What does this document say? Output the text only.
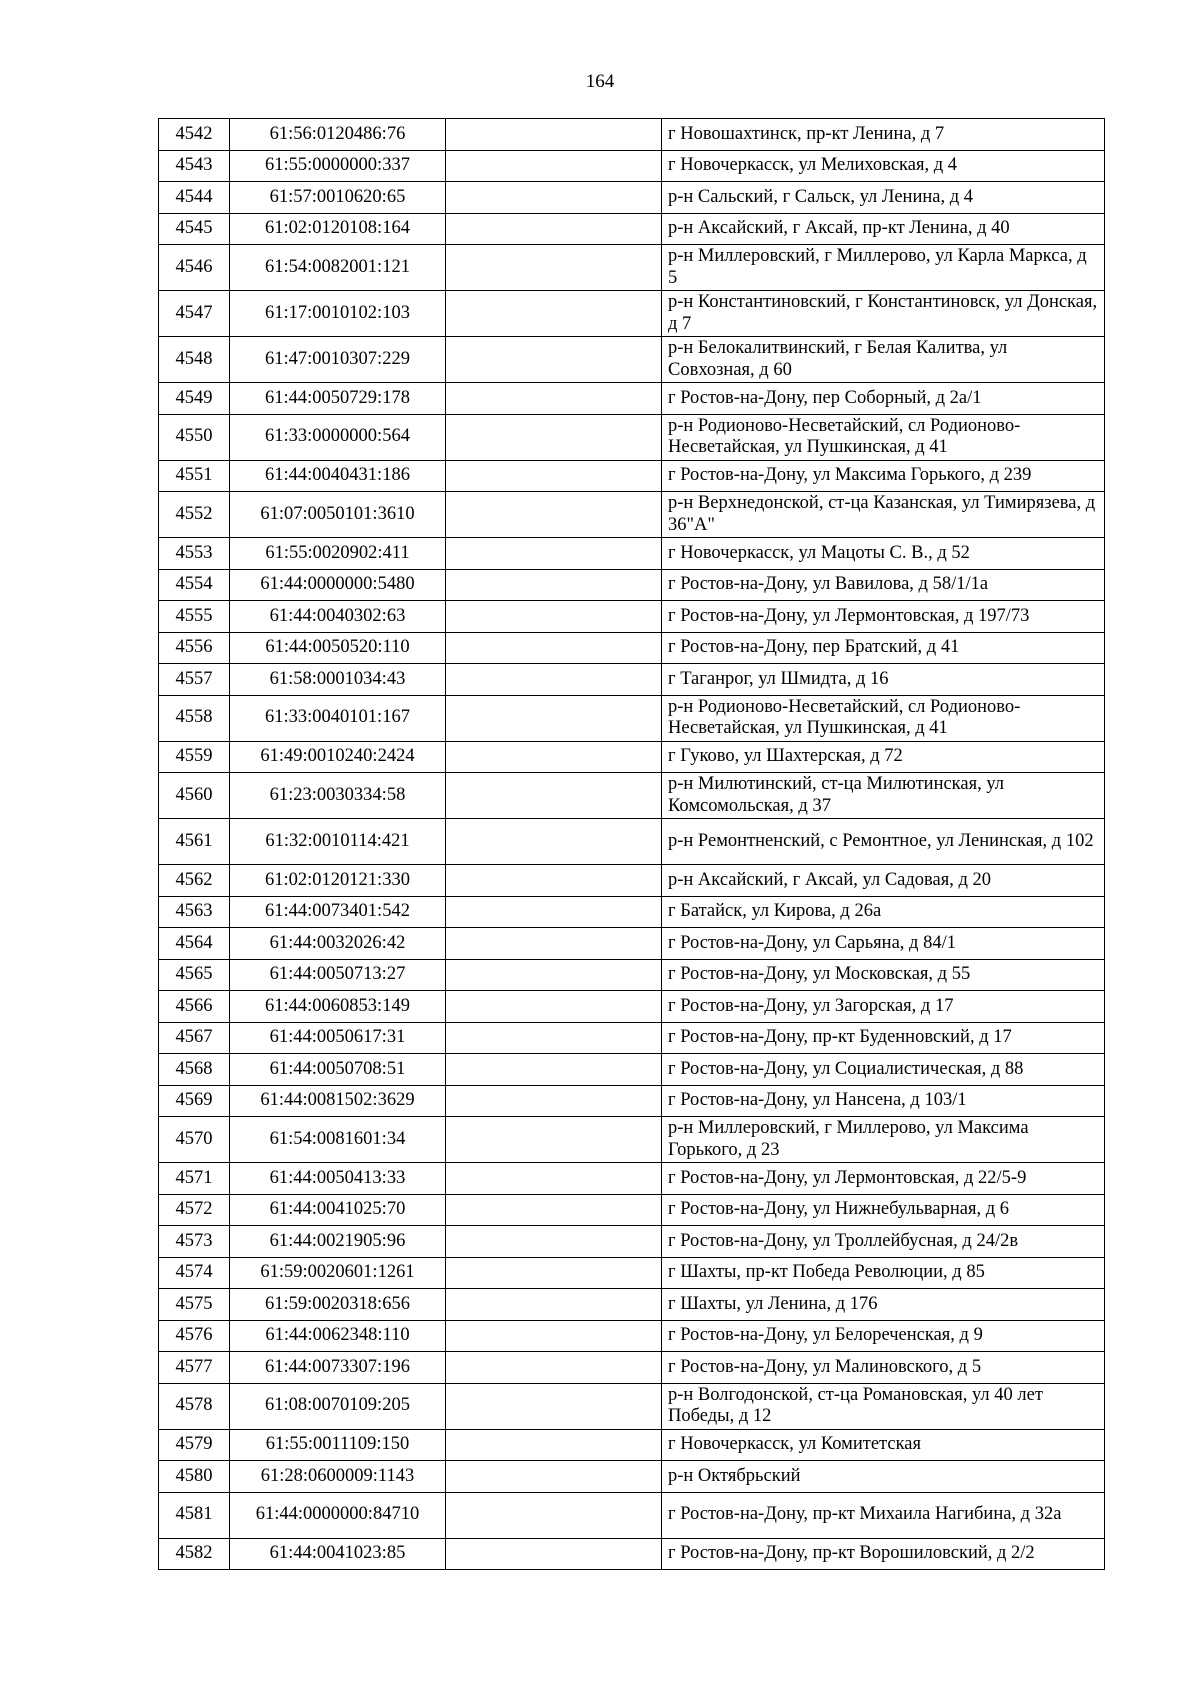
164
4542	61:56:0120486:76		г Новошахтинск, пр-кт Ленина, д 7
4543	61:55:0000000:337		г Новочеркасск, ул Мелиховская, д 4
4544	61:57:0010620:65		р-н Сальский, г Сальск, ул Ленина, д 4
4545	61:02:0120108:164		р-н Аксайский, г Аксай, пр-кт Ленина, д 40
4546	61:54:0082001:121		р-н Миллеровский, г Миллерово, ул Карла Маркса, д 5
4547	61:17:0010102:103		р-н Константиновский, г Константиновск, ул Донская, д 7
4548	61:47:0010307:229		р-н Белокалитвинский, г Белая Калитва, ул Совхозная, д 60
4549	61:44:0050729:178		г Ростов-на-Дону, пер Соборный, д 2а/1
4550	61:33:0000000:564		р-н Родионово-Несветайский, сл Родионово-Несветайская, ул Пушкинская, д 41
4551	61:44:0040431:186		г Ростов-на-Дону, ул Максима Горького, д 239
4552	61:07:0050101:3610		р-н Верхнедонской, ст-ца Казанская, ул Тимирязева, д 36"А"
4553	61:55:0020902:411		г Новочеркасск, ул Мацоты С. В., д 52
4554	61:44:0000000:5480		г Ростов-на-Дону, ул Вавилова, д 58/1/1а
4555	61:44:0040302:63		г Ростов-на-Дону, ул Лермонтовская, д 197/73
4556	61:44:0050520:110		г Ростов-на-Дону, пер Братский, д 41
4557	61:58:0001034:43		г Таганрог, ул Шмидта, д 16
4558	61:33:0040101:167		р-н Родионово-Несветайский, сл Родионово-Несветайская, ул Пушкинская, д 41
4559	61:49:0010240:2424		г Гуково, ул Шахтерская, д 72
4560	61:23:0030334:58		р-н Милютинский, ст-ца Милютинская, ул Комсомольская, д 37
4561	61:32:0010114:421		р-н Ремонтненский, с Ремонтное, ул Ленинская, д 102
4562	61:02:0120121:330		р-н Аксайский, г Аксай, ул Садовая, д 20
4563	61:44:0073401:542		г Батайск, ул Кирова, д 26а
4564	61:44:0032026:42		г Ростов-на-Дону, ул Сарьяна, д 84/1
4565	61:44:0050713:27		г Ростов-на-Дону, ул Московская, д 55
4566	61:44:0060853:149		г Ростов-на-Дону, ул Загорская, д 17
4567	61:44:0050617:31		г Ростов-на-Дону, пр-кт Буденновский, д 17
4568	61:44:0050708:51		г Ростов-на-Дону, ул Социалистическая, д 88
4569	61:44:0081502:3629		г Ростов-на-Дону, ул Нансена, д 103/1
4570	61:54:0081601:34		р-н Миллеровский, г Миллерово, ул Максима Горького, д 23
4571	61:44:0050413:33		г Ростов-на-Дону, ул Лермонтовская, д 22/5-9
4572	61:44:0041025:70		г Ростов-на-Дону, ул Нижнебульварная, д 6
4573	61:44:0021905:96		г Ростов-на-Дону, ул Троллейбусная, д 24/2в
4574	61:59:0020601:1261		г Шахты, пр-кт Победа Революции, д 85
4575	61:59:0020318:656		г Шахты, ул Ленина, д 176
4576	61:44:0062348:110		г Ростов-на-Дону, ул Белореченская, д 9
4577	61:44:0073307:196		г Ростов-на-Дону, ул Малиновского, д 5
4578	61:08:0070109:205		р-н Волгодонской, ст-ца Романовская, ул 40 лет Победы, д 12
4579	61:55:0011109:150		г Новочеркасск, ул Комитетская
4580	61:28:0600009:1143		р-н Октябрьский
4581	61:44:0000000:84710		г Ростов-на-Дону, пр-кт Михаила Нагибина, д 32а
4582	61:44:0041023:85		г Ростов-на-Дону, пр-кт Ворошиловский, д 2/2
